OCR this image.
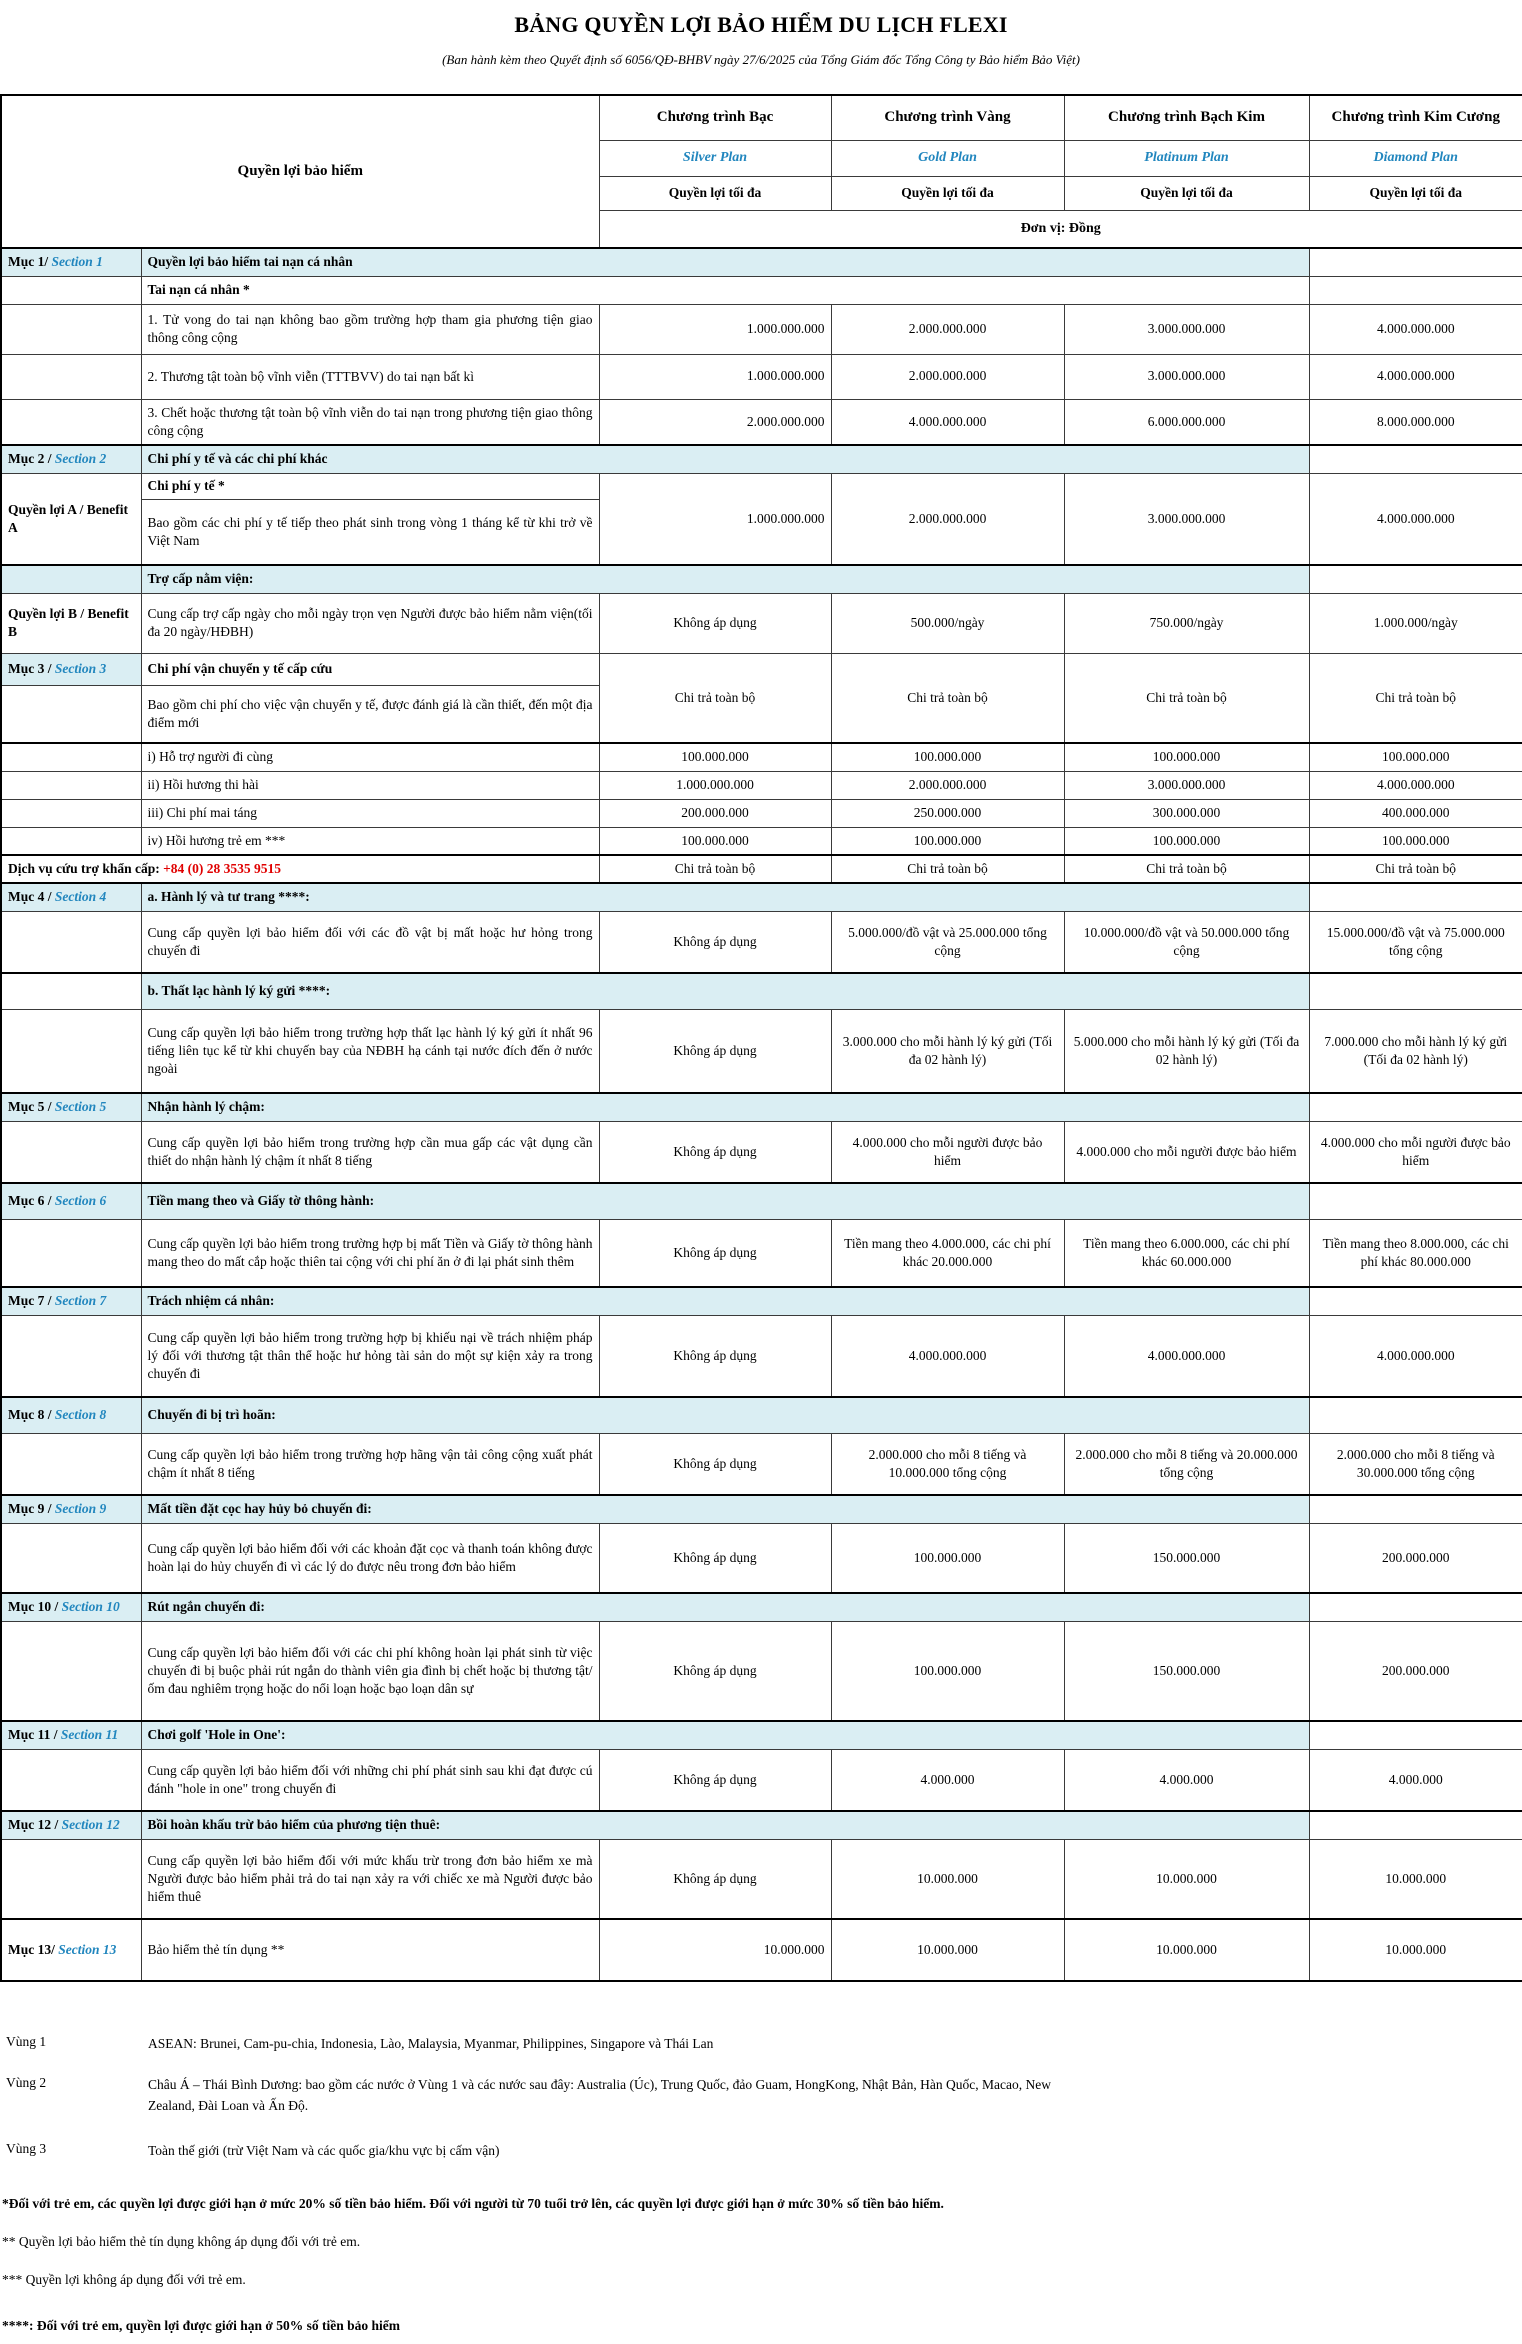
BẢNG QUYỀN LỢI BẢO HIỂM DU LỊCH FLEXI

(Ban hành kèm theo Quyết định số 6056/QĐ-BHBV ngày 27/6/2025 của Tổng Giám đốc Tổng Công ty Bảo hiểm Bảo Việt)

Quyền lợi bảo hiểm		Chương trình Bạc	Chương trình Vàng	Chương trình Bạch Kim	Chương trình Kim Cương
		Silver Plan	Gold Plan	Platinum Plan	Diamond Plan
		Quyền lợi tối đa	Quyền lợi tối đa	Quyền lợi tối đa	Quyền lợi tối đa
		Đơn vị: Đồng			
Mục 1/ Section 1	Quyền lợi bảo hiểm tai nạn cá nhân				
	Tai nạn cá nhân *				
	1. Tử vong do tai nạn không bao gồm trường hợp tham gia phương tiện giao thông công cộng	1.000.000.000	2.000.000.000	3.000.000.000	4.000.000.000
	2. Thương tật toàn bộ vĩnh viễn (TTTBVV) do tai nạn bất kì	1.000.000.000	2.000.000.000	3.000.000.000	4.000.000.000
	3. Chết hoặc thương tật toàn bộ vĩnh viễn do tai nạn trong phương tiện giao thông công cộng	2.000.000.000	4.000.000.000	6.000.000.000	8.000.000.000
Mục 2 / Section 2	Chi phí y tế và các chi phí khác				
Quyền lợi A / Benefit A	Chi phí y tế *	1.000.000.000	2.000.000.000	3.000.000.000	4.000.000.000
	Bao gồm các chi phí y tế tiếp theo phát sinh trong vòng 1 tháng kể từ khi trở về Việt Nam				
	Trợ cấp nằm viện:				
Quyền lợi B / Benefit B	Cung cấp trợ cấp ngày cho mỗi ngày trọn vẹn Người được bảo hiểm nằm viện(tối đa 20 ngày/HĐBH)	Không áp dụng	500.000/ngày	750.000/ngày	1.000.000/ngày
Mục 3 / Section 3	Chi phí vận chuyển y tế cấp cứu	Chi trả toàn bộ	Chi trả toàn bộ	Chi trả toàn bộ	Chi trả toàn bộ
	Bao gồm chi phí cho việc vận chuyển y tế, được đánh giá là cần thiết, đến một địa điểm mới				
	i) Hỗ trợ người đi cùng	100.000.000	100.000.000	100.000.000	100.000.000
	ii) Hồi hương thi hài	1.000.000.000	2.000.000.000	3.000.000.000	4.000.000.000
	iii) Chi phí mai táng	200.000.000	250.000.000	300.000.000	400.000.000
	iv) Hồi hương trẻ em ***	100.000.000	100.000.000	100.000.000	100.000.000
Dịch vụ cứu trợ khẩn cấp: +84 (0) 28 3535 9515		Chi trả toàn bộ	Chi trả toàn bộ	Chi trả toàn bộ	Chi trả toàn bộ
Mục 4 / Section 4	a. Hành lý và tư trang ****:				
	Cung cấp quyền lợi bảo hiểm đối với các đồ vật bị mất hoặc hư hỏng trong chuyến đi	Không áp dụng	5.000.000/đồ vật và 25.000.000 tổng cộng	10.000.000/đồ vật và 50.000.000 tổng cộng	15.000.000/đồ vật và 75.000.000 tổng cộng
	b. Thất lạc hành lý ký gửi ****:				
	Cung cấp quyền lợi bảo hiểm trong trường hợp thất lạc hành lý ký gửi ít nhất 96 tiếng liên tục kể từ khi chuyến bay của NĐBH hạ cánh tại nước đích đến ở nước ngoài	Không áp dụng	3.000.000 cho mỗi hành lý ký gửi (Tối đa 02 hành lý)	5.000.000 cho mỗi hành lý ký gửi (Tối đa 02 hành lý)	7.000.000 cho mỗi hành lý ký gửi (Tối đa 02 hành lý)
Mục 5 / Section 5	Nhận hành lý chậm:				
	Cung cấp quyền lợi bảo hiểm trong trường hợp cần mua gấp các vật dụng cần thiết do nhận hành lý chậm ít nhất 8 tiếng	Không áp dụng	4.000.000 cho mỗi người được bảo hiểm	4.000.000 cho mỗi người được bảo hiểm	4.000.000 cho mỗi người được bảo hiểm
Mục 6 / Section 6	Tiền mang theo và Giấy tờ thông hành:				
	Cung cấp quyền lợi bảo hiểm trong trường hợp bị mất Tiền và Giấy tờ thông hành mang theo do mất cắp hoặc thiên tai cộng với chi phí ăn ở đi lại phát sinh thêm	Không áp dụng	Tiền mang theo 4.000.000, các chi phí khác 20.000.000	Tiền mang theo 6.000.000, các chi phí khác 60.000.000	Tiền mang theo 8.000.000, các chi phí khác 80.000.000
Mục 7 / Section 7	Trách nhiệm cá nhân:				
	Cung cấp quyền lợi bảo hiểm trong trường hợp bị khiếu nại về trách nhiệm pháp lý đối với thương tật thân thể hoặc hư hỏng tài sản do một sự kiện xảy ra trong chuyến đi	Không áp dụng	4.000.000.000	4.000.000.000	4.000.000.000
Mục 8 / Section 8	Chuyến đi bị trì hoãn:				
	Cung cấp quyền lợi bảo hiểm trong trường hợp hãng vận tải công cộng xuất phát chậm ít nhất 8 tiếng	Không áp dụng	2.000.000 cho mỗi 8 tiếng và 10.000.000 tổng cộng	2.000.000 cho mỗi 8 tiếng và 20.000.000 tổng cộng	2.000.000 cho mỗi 8 tiếng và 30.000.000 tổng cộng
Mục 9 / Section 9	Mất tiền đặt cọc hay hủy bỏ chuyến đi:				
	Cung cấp quyền lợi bảo hiểm đối với các khoản đặt cọc và thanh toán không được hoàn lại do hủy chuyến đi vì các lý do được nêu trong đơn bảo hiểm	Không áp dụng	100.000.000	150.000.000	200.000.000
Mục 10 / Section 10	Rút ngắn chuyến đi:				
	Cung cấp quyền lợi bảo hiểm đối với các chi phí không hoàn lại phát sinh từ việc chuyến đi bị buộc phải rút ngắn do thành viên gia đình bị chết hoặc bị thương tật/ốm đau nghiêm trọng hoặc do nổi loạn hoặc bạo loạn dân sự	Không áp dụng	100.000.000	150.000.000	200.000.000
Mục 11 / Section 11	Chơi golf 'Hole in One':				
	Cung cấp quyền lợi bảo hiểm đối với những chi phí phát sinh sau khi đạt được cú đánh "hole in one" trong chuyến đi	Không áp dụng	4.000.000	4.000.000	4.000.000
Mục 12 / Section 12	Bồi hoàn khấu trừ bảo hiểm của phương tiện thuê:				
	Cung cấp quyền lợi bảo hiểm đối với mức khấu trừ trong đơn bảo hiểm xe mà Người được bảo hiểm phải trả do tai nạn xảy ra với chiếc xe mà Người được bảo hiểm thuê	Không áp dụng	10.000.000	10.000.000	10.000.000
Mục 13/ Section 13	Bảo hiểm thẻ tín dụng **	10.000.000	10.000.000	10.000.000	10.000.000
Vùng 1	ASEAN: Brunei, Cam-pu-chia, Indonesia, Lào, Malaysia, Myanmar, Philippines, Singapore và Thái Lan
Vùng 2	Châu Á – Thái Bình Dương: bao gồm các nước ở Vùng 1 và các nước sau đây: Australia (Úc), Trung Quốc, đảo Guam, HongKong, Nhật Bản, Hàn Quốc, Macao, New Zealand, Đài Loan và Ấn Độ.
Vùng 3	Toàn thế giới (trừ Việt Nam và các quốc gia/khu vực bị cấm vận)

*Đối với trẻ em, các quyền lợi được giới hạn ở mức 20% số tiền bảo hiểm. Đối với người từ 70 tuổi trở lên, các quyền lợi được giới hạn ở mức 30% số tiền bảo hiểm.

** Quyền lợi bảo hiểm thẻ tín dụng không áp dụng đối với trẻ em.

*** Quyền lợi không áp dụng đối với trẻ em.

****: Đối với trẻ em, quyền lợi được giới hạn ở 50% số tiền bảo hiểm
